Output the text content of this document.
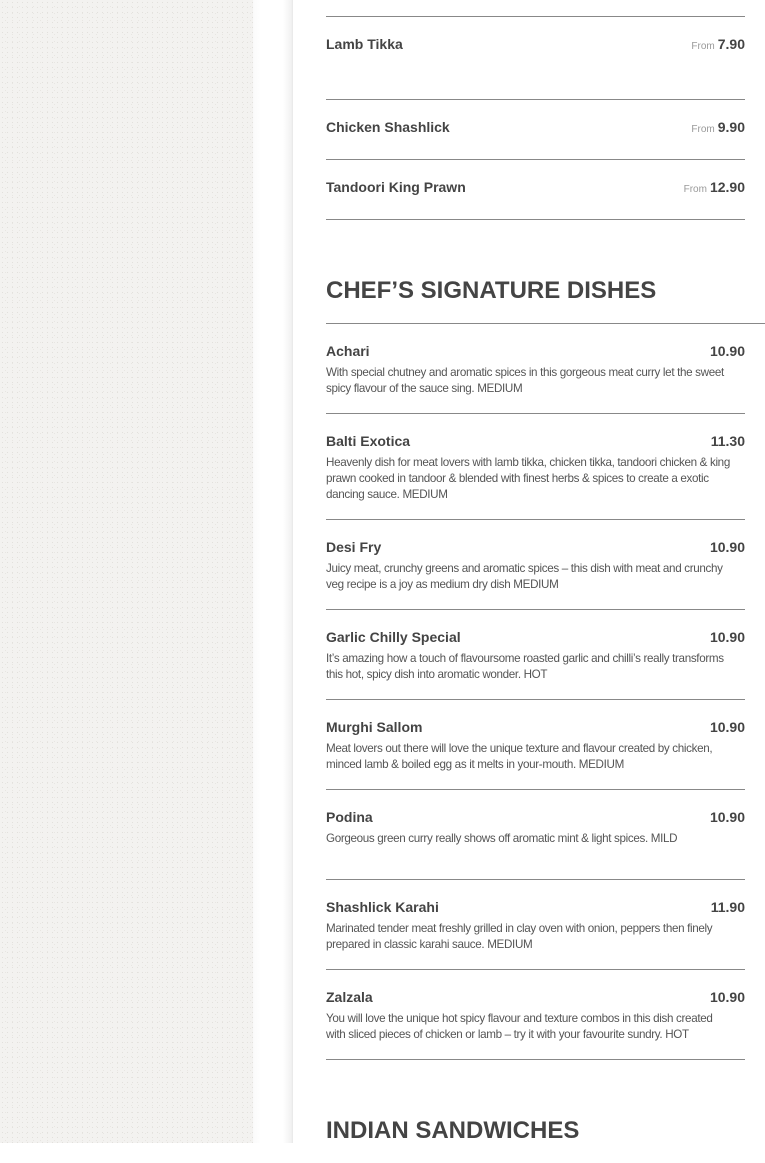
Lamb Tikka	From 7.90
Chicken Shashlick	From 9.90
Tandoori King Prawn	From 12.90
CHEF’S SIGNATURE DISHES
Achari	10.90
With special chutney and aromatic spices in this gorgeous meat curry let the sweet spicy flavour of the sauce sing. MEDIUM
Balti Exotica	11.30
Heavenly dish for meat lovers with lamb tikka, chicken tikka, tandoori chicken & king prawn cooked in tandoor & blended with finest herbs & spices to create a exotic dancing sauce. MEDIUM
Desi Fry	10.90
Juicy meat, crunchy greens and aromatic spices – this dish with meat and crunchy veg recipe is a joy as medium dry dish MEDIUM
Garlic Chilly Special	10.90
It’s amazing how a touch of flavoursome roasted garlic and chilli’s really transforms this hot, spicy dish into aromatic wonder. HOT
Murghi Sallom	10.90
Meat lovers out there will love the unique texture and flavour created by chicken, minced lamb & boiled egg as it melts in your-mouth. MEDIUM
Podina	10.90
Gorgeous green curry really shows off aromatic mint & light spices. MILD
Shashlick Karahi	11.90
Marinated tender meat freshly grilled in clay oven with onion, peppers then finely prepared in classic karahi sauce. MEDIUM
Zalzala	10.90
You will love the unique hot spicy flavour and texture combos in this dish created with sliced pieces of chicken or lamb – try it with your favourite sundry. HOT
INDIAN SANDWICHES
